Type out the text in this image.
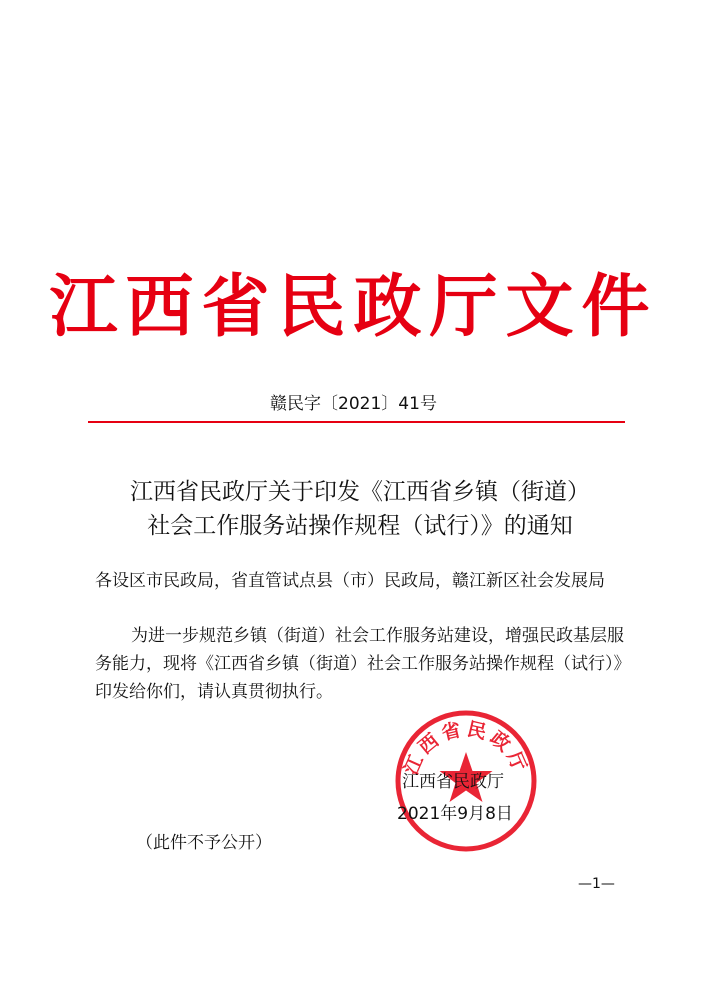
江西省民政厅文件
赣民字〔2021〕41号
江西省民政厅关于印发《江西省乡镇（街道）
社会工作服务站操作规程（试行）》的通知
各设区市民政局，省直管试点县（市）民政局，赣江新区社会发展局
为进一步规范乡镇（街道）社会工作服务站建设，增强民政基层服务能力，现将《江西省乡镇（街道）社会工作服务站操作规程（试行）》印发给你们，请认真贯彻执行。
江西省民政厅
江西省民政厅
2021年9月8日
（此件不予公开）
—1—
